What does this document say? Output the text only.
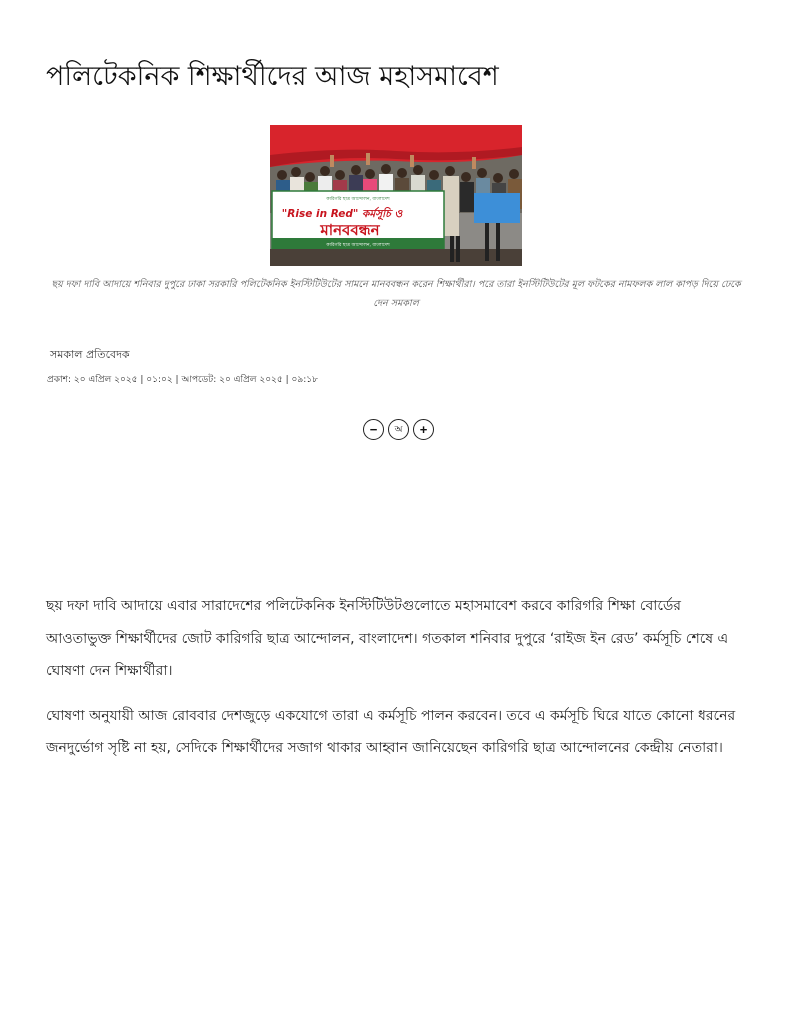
পলিটেকনিক শিক্ষার্থীদের আজ মহাসমাবেশ
কারিগরি ছাত্র আন্দোলন, বাংলাদেশ
"Rise in Red" কর্মসূচি ও
মানববন্ধন
কারিগরি ছাত্র আন্দোলন, বাংলাদেশ
ছয় দফা দাবি আদায়ে শনিবার দুপুরে ঢাকা সরকারি পলিটেকনিক ইনস্টিটিউটের সামনে মানববন্ধন করেন শিক্ষার্থীরা। পরে তারা ইনস্টিটিউটের মূল ফটকের নামফলক লাল কাপড় দিয়ে ঢেকে দেন সমকাল
সমকাল প্রতিবেদক
প্রকাশ: ২০ এপ্রিল ২০২৫ | ০১:০২ | আপডেট: ২০ এপ্রিল ২০২৫ | ০৯:১৮
− অ +

ছয় দফা দাবি আদায়ে এবার সারাদেশের পলিটেকনিক ইনস্টিটিউটগুলোতে মহাসমাবেশ করবে কারিগরি শিক্ষা বোর্ডের আওতাভুক্ত শিক্ষার্থীদের জোট কারিগরি ছাত্র আন্দোলন, বাংলাদেশ। গতকাল শনিবার দুপুরে ‘রাইজ ইন রেড’ কর্মসূচি শেষে এ ঘোষণা দেন শিক্ষার্থীরা।

ঘোষণা অনুযায়ী আজ রোববার দেশজুড়ে একযোগে তারা এ কর্মসূচি পালন করবেন। তবে এ কর্মসূচি ঘিরে যাতে কোনো ধরনের জনদুর্ভোগ সৃষ্টি না হয়, সেদিকে শিক্ষার্থীদের সজাগ থাকার আহ্বান জানিয়েছেন কারিগরি ছাত্র আন্দোলনের কেন্দ্রীয় নেতারা।
